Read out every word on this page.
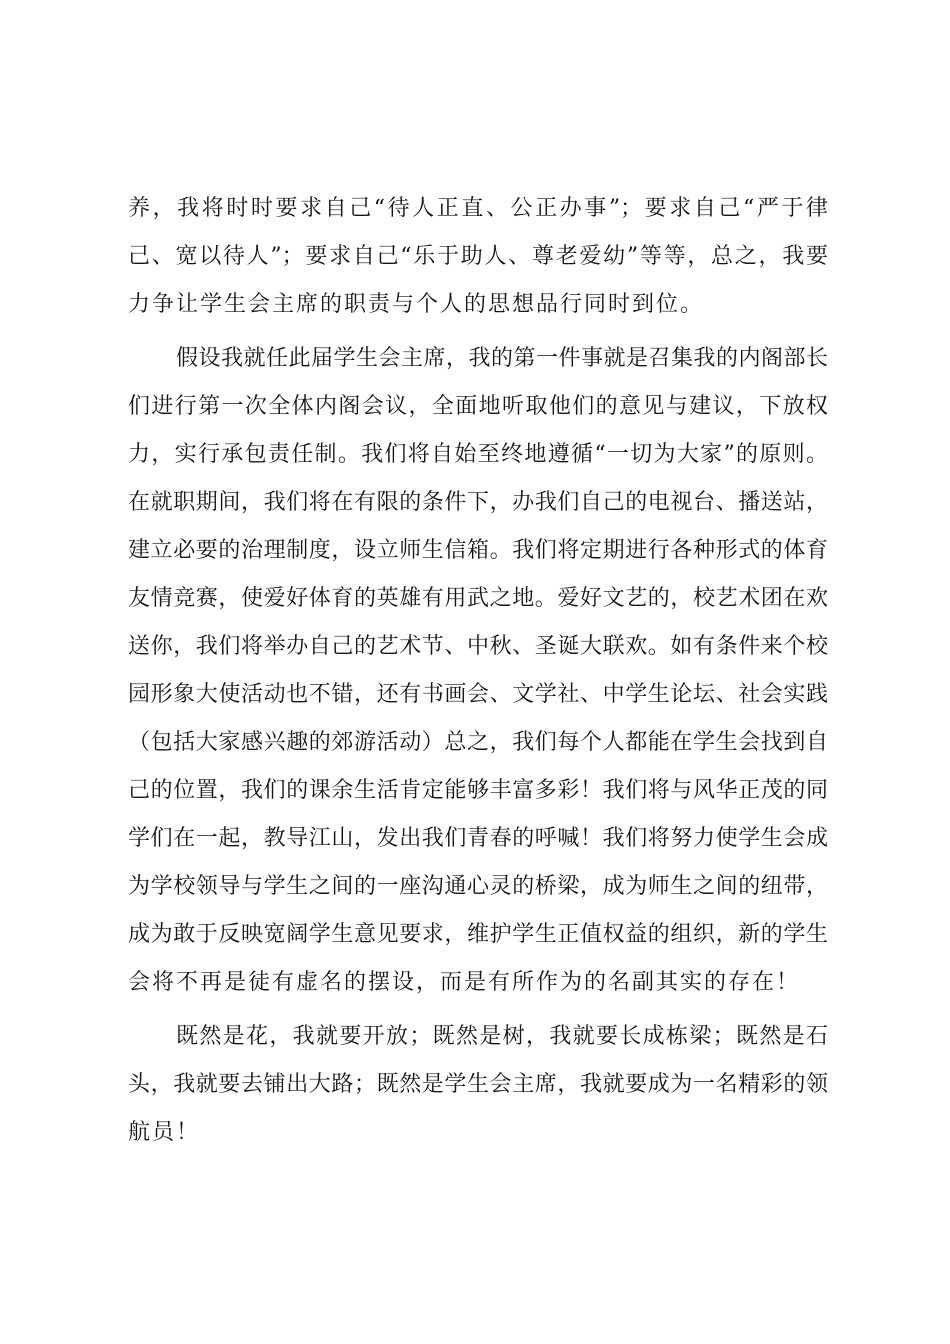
养，我将时时要求自己“待人正直、公正办事”；要求自己“严于律
己、宽以待人”；要求自己“乐于助人、尊老爱幼”等等，总之，我要
力争让学生会主席的职责与个人的思想品行同时到位。
假设我就任此届学生会主席，我的第一件事就是召集我的内阁部长
们进行第一次全体内阁会议，全面地听取他们的意见与建议，下放权
力，实行承包责任制。我们将自始至终地遵循“一切为大家”的原则。
在就职期间，我们将在有限的条件下，办我们自己的电视台、播送站，
建立必要的治理制度，设立师生信箱。我们将定期进行各种形式的体育
友情竞赛，使爱好体育的英雄有用武之地。爱好文艺的，校艺术团在欢
送你，我们将举办自己的艺术节、中秋、圣诞大联欢。如有条件来个校
园形象大使活动也不错，还有书画会、文学社、中学生论坛、社会实践
（包括大家感兴趣的郊游活动）总之，我们每个人都能在学生会找到自
己的位置，我们的课余生活肯定能够丰富多彩！我们将与风华正茂的同
学们在一起，教导江山，发出我们青春的呼喊！我们将努力使学生会成
为学校领导与学生之间的一座沟通心灵的桥梁，成为师生之间的纽带，
成为敢于反映宽阔学生意见要求，维护学生正值权益的组织，新的学生
会将不再是徒有虚名的摆设，而是有所作为的名副其实的存在！
既然是花，我就要开放；既然是树，我就要长成栋梁；既然是石
头，我就要去铺出大路；既然是学生会主席，我就要成为一名精彩的领
航员！
